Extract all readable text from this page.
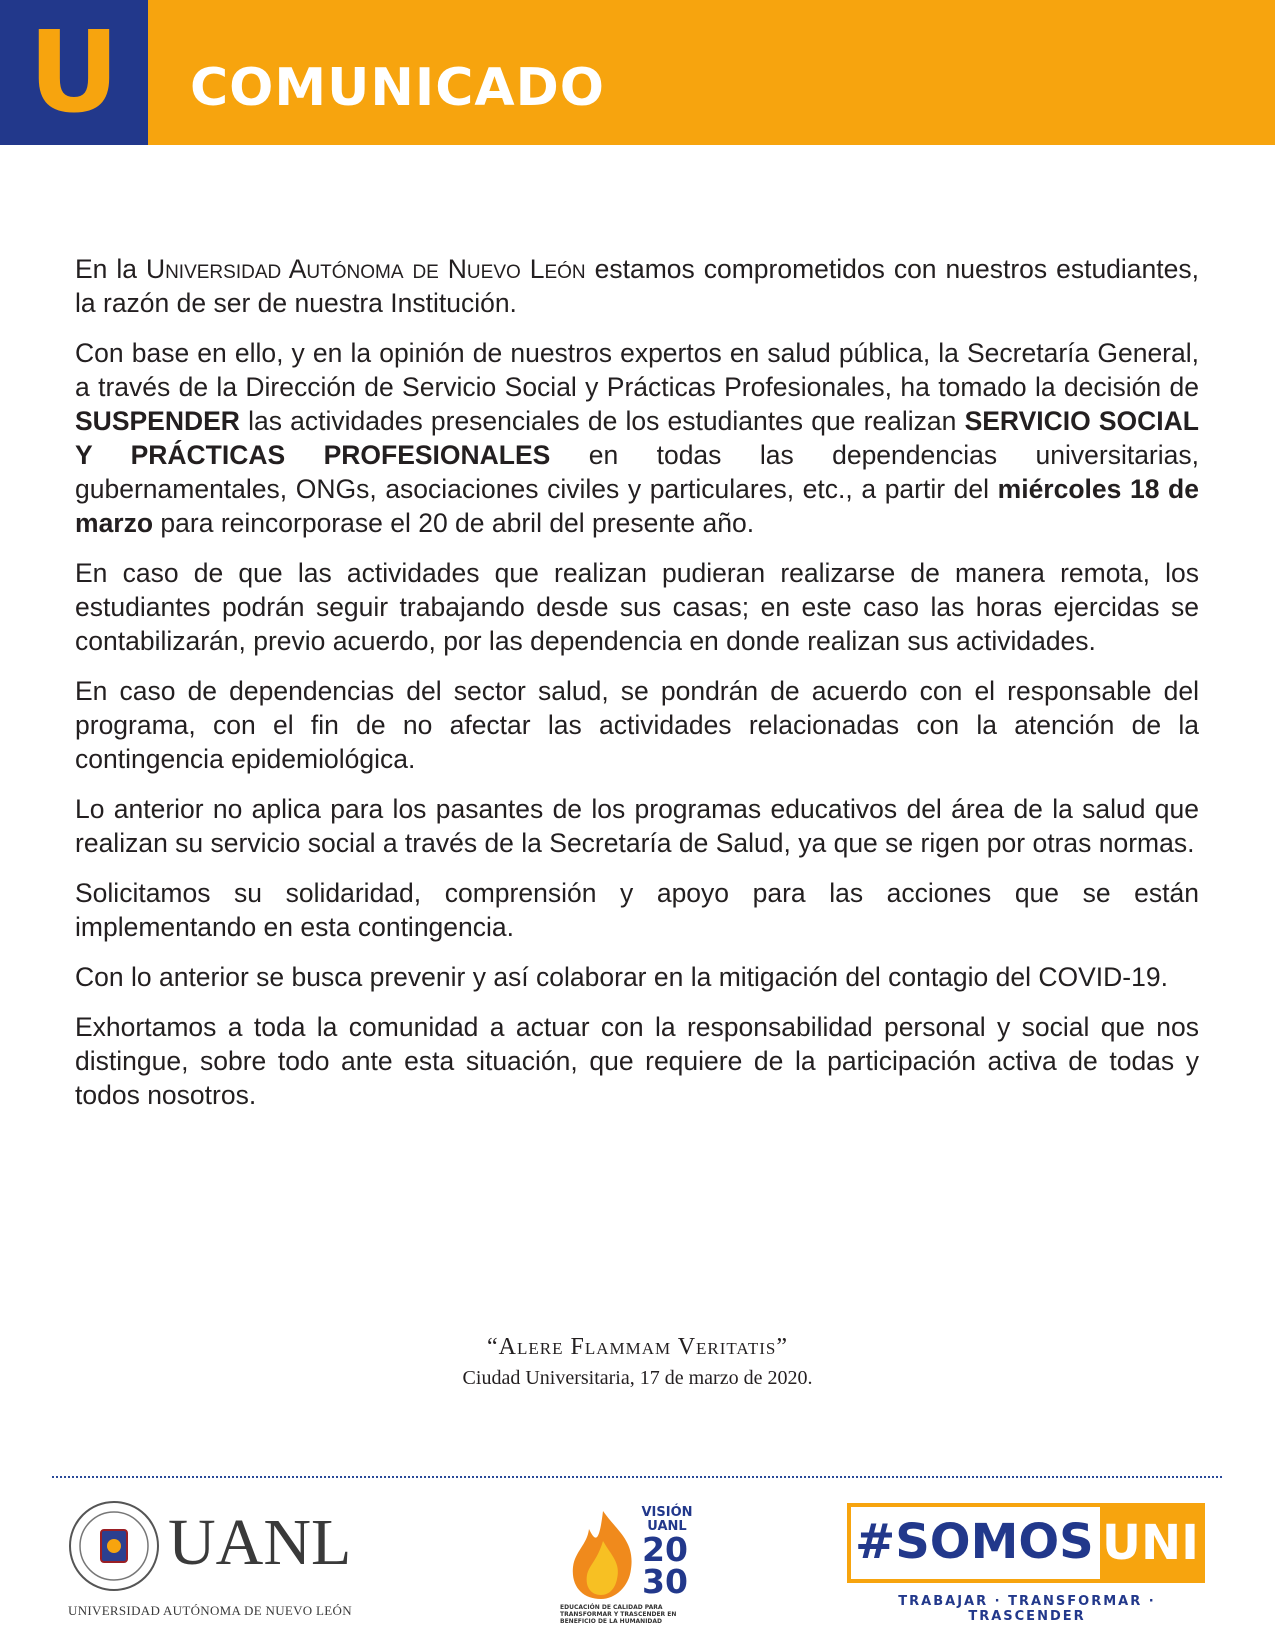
U	COMUNICADO

En la Universidad Autónoma de Nuevo León estamos comprometidos con nuestros estudiantes, la razón de ser de nuestra Institución.

Con base en ello, y en la opinión de nuestros expertos en salud pública, la Secretaría General, a través de la Dirección de Servicio Social y Prácticas Profesionales, ha tomado la decisión de SUSPENDER las actividades presenciales de los estudiantes que realizan SERVICIO SOCIAL Y PRÁCTICAS PROFESIONALES en todas las dependencias universitarias, gubernamentales, ONGs, asociaciones civiles y particulares, etc., a partir del miércoles 18 de marzo para reincorporase el 20 de abril del presente año.

En caso de que las actividades que realizan pudieran realizarse de manera remota, los estudiantes podrán seguir trabajando desde sus casas; en este caso las horas ejercidas se contabilizarán, previo acuerdo, por las dependencia en donde realizan sus actividades.

En caso de dependencias del sector salud, se pondrán de acuerdo con el responsable del programa, con el fin de no afectar las actividades relacionadas con la atención de la contingencia epidemiológica.

Lo anterior no aplica para los pasantes de los programas educativos del área de la salud que realizan su servicio social a través de la Secretaría de Salud, ya que se rigen por otras normas.

Solicitamos su solidaridad, comprensión y apoyo para las acciones que se están implementando en esta contingencia.

Con lo anterior se busca prevenir y así colaborar en la mitigación del contagio del COVID-19.

Exhortamos a toda la comunidad a actuar con la responsabilidad personal y social que nos distingue, sobre todo ante esta situación, que requiere de la participación activa de todas y todos nosotros.

“Alere Flammam Veritatis”
Ciudad Universitaria, 17 de marzo de 2020.
UANL
UNIVERSIDAD AUTÓNOMA DE NUEVO LEÓN
VISIÓN UANL
20
30
EDUCACIÓN DE CALIDAD PARA TRANSFORMAR Y TRASCENDER EN BENEFICIO DE LA HUMANIDAD
#SOMOS UNI
TRABAJAR · TRANSFORMAR · TRASCENDER
